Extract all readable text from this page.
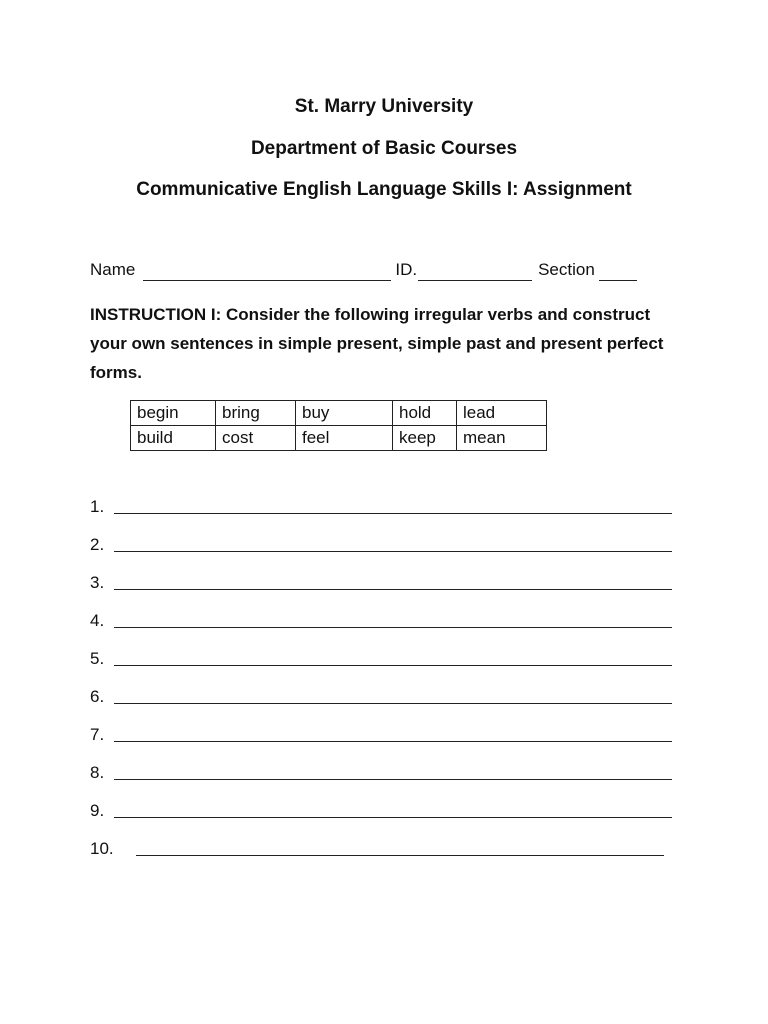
St. Marry University
Department of Basic Courses
Communicative English Language Skills I: Assignment
Name	ID.	Section
INSTRUCTION I: Consider the following irregular verbs and construct your own sentences in simple present, simple past and present perfect forms.
begin	bring	buy	hold	lead
build	cost	feel	keep	mean
1.
2.
3.
4.
5.
6.
7.
8.
9.
10.
